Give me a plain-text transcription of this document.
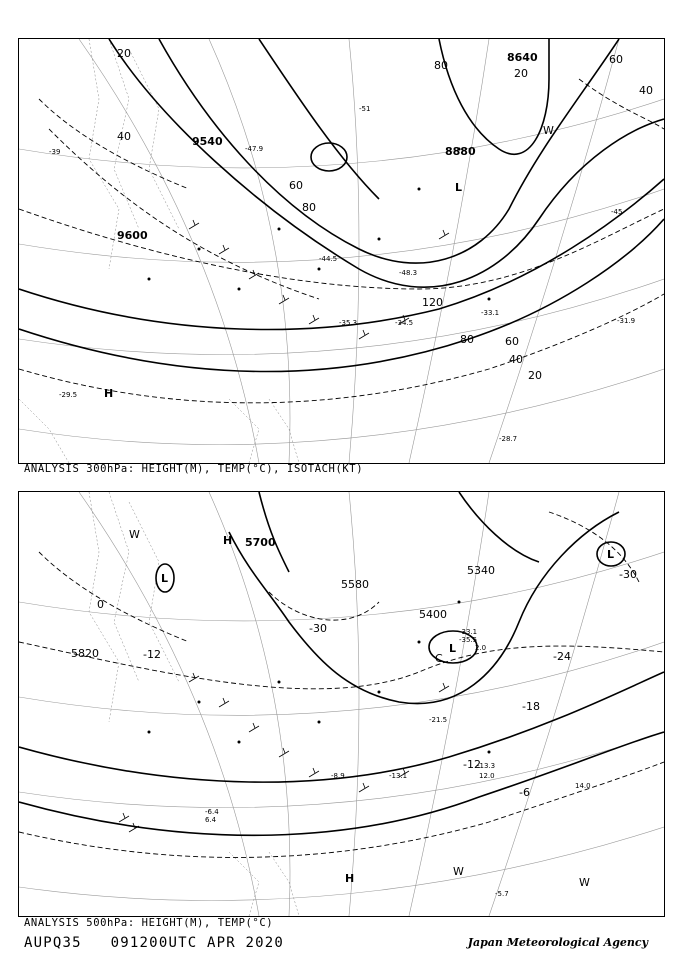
9600
9540
8640
8880
20
40
60
80
120
80	60
40
20
40
20
60
80
-51
-47.9
-45
-39
-35.3	-34.5
-33.1
-31.9
-29.5
-28.7
-44.5
-48.3
L
H
W
ANALYSIS 300hPa: HEIGHT(M), TEMP(°C), ISOTACH(KT)
5700
5820
5580
5400
5340
-30
-12	-24
-18
-12
-6
-30
0
-13.1
-13.3
-6.4
-5.7
-33.1
-35.5
-8.9
-21.5
12.0
14.0
6.4
2.0
L
L
L
H
H
C
W
W
W
ANALYSIS 500hPa: HEIGHT(M), TEMP(°C)
AUPQ35 091200UTC APR 2020	Japan Meteorological Agency
